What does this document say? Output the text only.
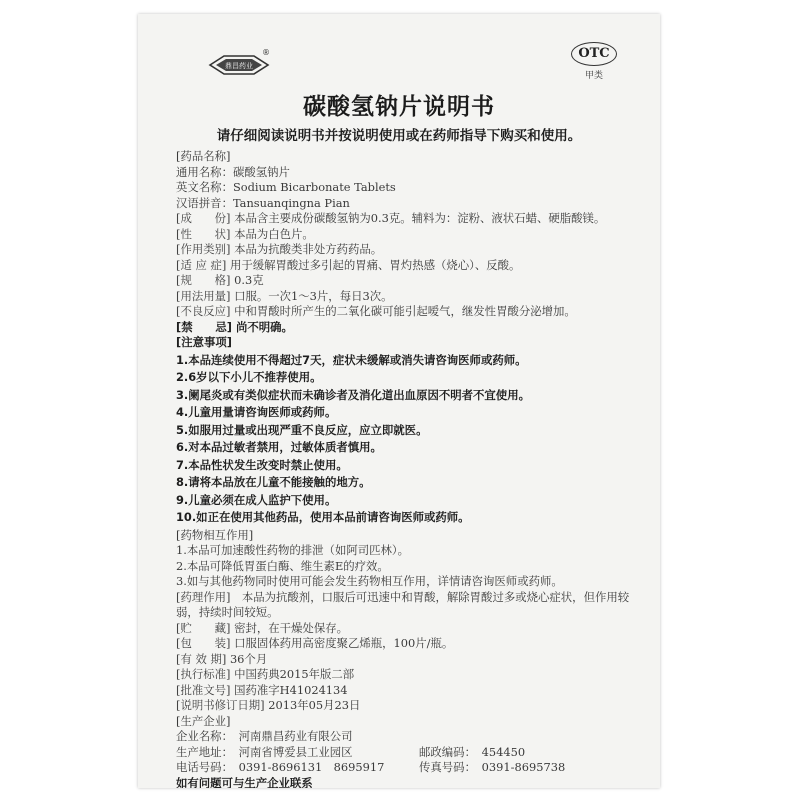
鼎昌药业
®	OTC
甲类
碳酸氢钠片说明书
请仔细阅读说明书并按说明使用或在药师指导下购买和使用。
[药品名称]
通用名称：碳酸氢钠片
英文名称：Sodium Bicarbonate Tablets
汉语拼音：Tansuanqingna Pian
[成　　份] 本品含主要成份碳酸氢钠为0.3克。辅料为：淀粉、液状石蜡、硬脂酸镁。
[性　　状] 本品为白色片。
[作用类别] 本品为抗酸类非处方药药品。
[适 应 症] 用于缓解胃酸过多引起的胃痛、胃灼热感（烧心）、反酸。
[规　　格] 0.3克
[用法用量] 口服。一次1～3片，每日3次。
[不良反应] 中和胃酸时所产生的二氧化碳可能引起嗳气，继发性胃酸分泌增加。
[禁　　忌] 尚不明确。
[注意事项]
1.本品连续使用不得超过7天，症状未缓解或消失请咨询医师或药师。
2.6岁以下小儿不推荐使用。
3.阑尾炎或有类似症状而未确诊者及消化道出血原因不明者不宜使用。
4.儿童用量请咨询医师或药师。
5.如服用过量或出现严重不良反应，应立即就医。
6.对本品过敏者禁用，过敏体质者慎用。
7.本品性状发生改变时禁止使用。
8.请将本品放在儿童不能接触的地方。
9.儿童必须在成人监护下使用。
10.如正在使用其他药品，使用本品前请咨询医师或药师。
[药物相互作用]
1.本品可加速酸性药物的排泄（如阿司匹林）。
2.本品可降低胃蛋白酶、维生素E的疗效。
3.如与其他药物同时使用可能会发生药物相互作用，详情请咨询医师或药师。
[药理作用]　本品为抗酸剂，口服后可迅速中和胃酸，解除胃酸过多或烧心症状，但作用较弱，持续时间较短。
[贮　　藏] 密封，在干燥处保存。
[包　　装] 口服固体药用高密度聚乙烯瓶，100片/瓶。
[有 效 期] 36个月
[执行标准] 中国药典2015年版二部
[批准文号] 国药准字H41024134
[说明书修订日期] 2013年05月23日
[生产企业]
企业名称：　河南鼎昌药业有限公司
生产地址：　河南省博爱县工业园区	邮政编码：　454450
电话号码：　0391-8696131　8695917	传真号码：　0391-8695738
如有问题可与生产企业联系
